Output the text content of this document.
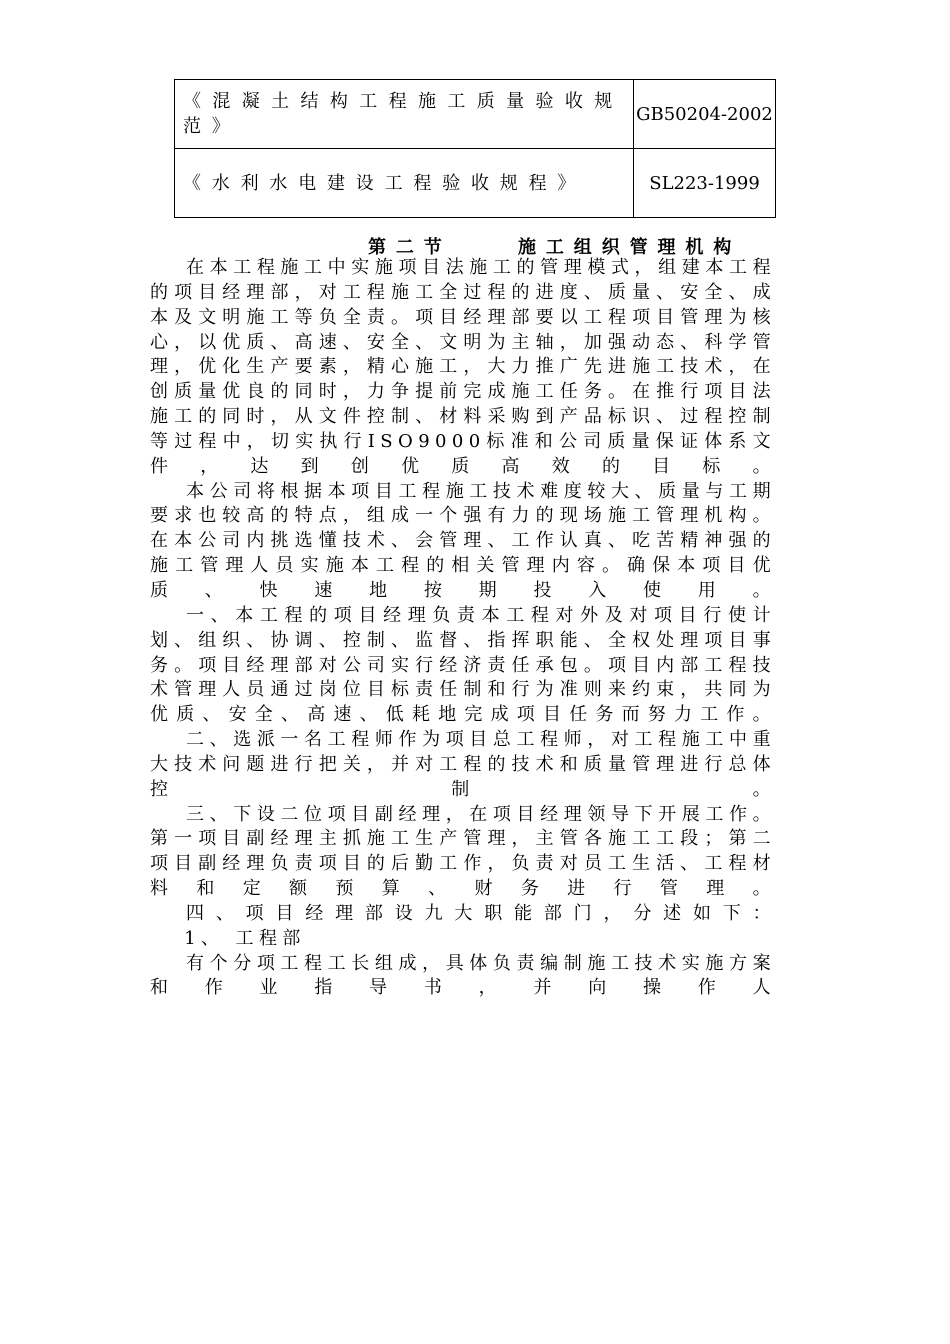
《混凝土结构工程施工质量验收规范》	GB50204-2002
《水利水电建设工程验收规程》	SL223-1999
第二节	施工组织管理机构

在本工程施工中实施项目法施工的管理模式，组建本工程的项目经理部，对工程施工全过程的进度、质量、安全、成本及文明施工等负全责。项目经理部要以工程项目管理为核心，以优质、高速、安全、文明为主轴，加强动态、科学管理，优化生产要素，精心施工，大力推广先进施工技术，在创质量优良的同时，力争提前完成施工任务。在推行项目法施工的同时，从文件控制、材料采购到产品标识、过程控制等过程中，切实执行ISO9000标准和公司质量保证体系文件，达到创优质高效的目标。

本公司将根据本项目工程施工技术难度较大、质量与工期要求也较高的特点，组成一个强有力的现场施工管理机构。在本公司内挑选懂技术、会管理、工作认真、吃苦精神强的施工管理人员实施本工程的相关管理内容。确保本项目优质、快速地按期投入使用。

一、本工程的项目经理负责本工程对外及对项目行使计划、组织、协调、控制、监督、指挥职能、全权处理项目事务。项目经理部对公司实行经济责任承包。项目内部工程技术管理人员通过岗位目标责任制和行为准则来约束，共同为优质、安全、高速、低耗地完成项目任务而努力工作。

二、选派一名工程师作为项目总工程师，对工程施工中重大技术问题进行把关，并对工程的技术和质量管理进行总体控制。

三、下设二位项目副经理，在项目经理领导下开展工作。第一项目副经理主抓施工生产管理，主管各施工工段；第二项目副经理负责项目的后勤工作，负责对员工生活、工程材料和定额预算、财务进行管理。

四、项目经理部设九大职能部门，分述如下：

1、 工程部

有个分项工程工长组成，具体负责编制施工技术实施方案和作业指导书，并向操作人
